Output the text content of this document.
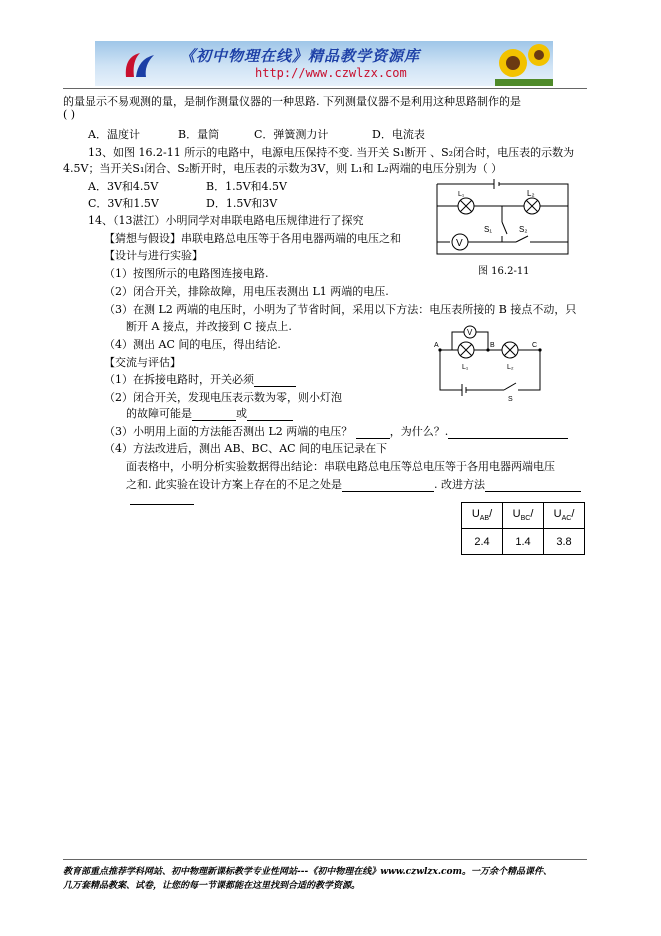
《初中物理在线》精品教学资源库
http://www.czwlzx.com
的量显示不易观测的量，是制作测量仪器的一种思路. 下列测量仪器不是利用这种思路制作的是
( )
A．温度计	B．量筒	C．弹簧测力计	D．电流表
13、如图 16.2-11 所示的电路中，电源电压保持不变. 当开关 S₁断开 、S₂闭合时，电压表的示数为
4.5V；当开关S₁闭合、S₂断开时，电压表的示数为3V，则 L₁和 L₂两端的电压分别为（ ）
A．3V和4.5V	B．1.5V和4.5V
C．3V和1.5V	D．1.5V和3V
L₁	L₂
S₁	S₂
V
图 16.2-11
14、（13湛江）小明同学对串联电路电压规律进行了探究
【猜想与假设】串联电路总电压等于各用电器两端的电压之和
【设计与进行实验】
（1）按图所示的电路图连接电路.
（2）闭合开关，排除故障，用电压表测出 L1 两端的电压.
（3）在测 L2 两端的电压时，小明为了节省时间，采用以下方法：电压表所接的 B 接点不动，只
断开 A 接点，并改接到 C 接点上.
（4）测出 AC 间的电压，得出结论.
【交流与评估】
（1）在拆接电路时，开关必须
（2）闭合开关，发现电压表示数为零，则小灯泡
的故障可能是	或
（3）小明用上面的方法能否测出 L2 两端的电压？	，为什么？.
（4）方法改进后，测出 AB、BC、AC 间的电压记录在下
面表格中，小明分析实验数据得出结论：串联电路总电压等总电压等于各用电器两端电压
之和. 此实验在设计方案上存在的不足之处是	. 改进方法
V
A	B	C
L₁	L₂
S
$U_{AB}/$	$U_{BC}/$	$U_{AC}/$
2.4	1.4	3.8
教育部重点推荐学科网站、初中物理新课标教学专业性网站---《初中物理在线》www.czwlzx.com。一万余个精品课件、
几万套精品教案、试卷，让您的每一节课都能在这里找到合适的教学资源。
